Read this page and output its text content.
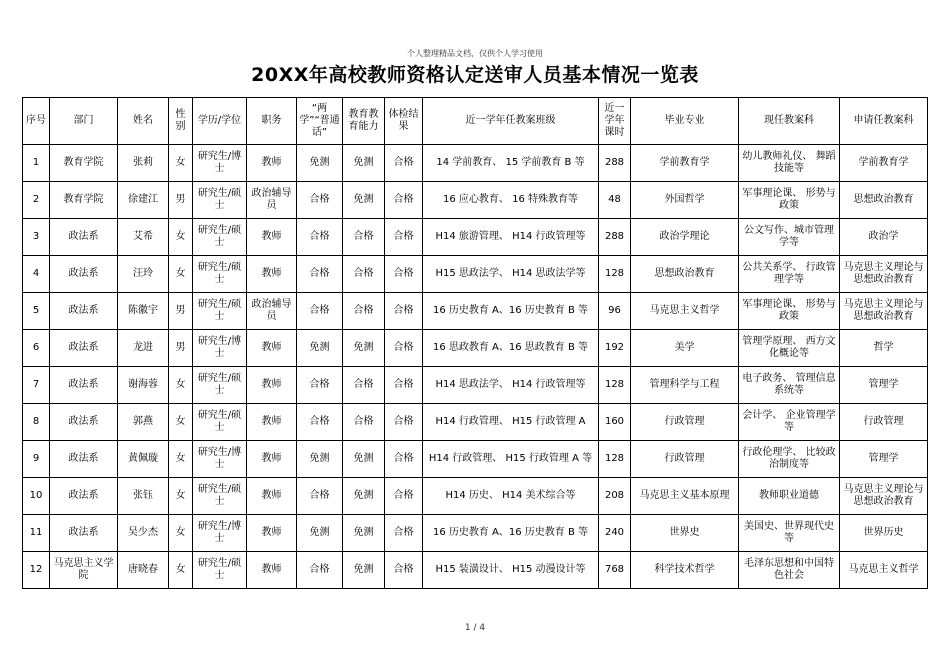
个人整理精品文档，仅供个人学习使用
20XX年高校教师资格认定送审人员基本情况一览表
序号	部门	姓名	性别	学历/学位	职务	“两学”“普通话”	教育教育能力	体检结果	近一学年任教案班级	近一学年课时	毕业专业	现任教案科	申请任教案科
1	教育学院	张莉	女	研究生/博士	教师	免测	免测	合格	14 学前教育、 15 学前教育 B 等	288	学前教育学	幼儿教师礼仪、 舞蹈技能等	学前教育学
2	教育学院	徐建江	男	研究生/硕士	政治辅导员	合格	免测	合格	16 应心教育、 16 特殊教育等	48	外国哲学	军事理论课、 形势与政策	思想政治教育
3	政法系	艾希	女	研究生/硕士	教师	合格	合格	合格	H14 旅游管理、 H14 行政管理等	288	政治学理论	公文写作、城市管理学等	政治学
4	政法系	汪玲	女	研究生/硕士	教师	合格	合格	合格	H15 思政法学、 H14 思政法学等	128	思想政治教育	公共关系学、 行政管理学等	马克思主义理论与思想政治教育
5	政法系	陈徽宇	男	研究生/硕士	政治辅导员	合格	合格	合格	16 历史教育 A、16 历史教育 B 等	96	马克思主义哲学	军事理论课、 形势与政策	马克思主义理论与思想政治教育
6	政法系	龙进	男	研究生/博士	教师	免测	免测	合格	16 思政教育 A、16 思政教育 B 等	192	美学	管理学原理、 西方文化概论等	哲学
7	政法系	谢海蓉	女	研究生/硕士	教师	合格	合格	合格	H14 思政法学、 H14 行政管理等	128	管理科学与工程	电子政务、 管理信息系统等	管理学
8	政法系	郭燕	女	研究生/硕士	教师	合格	合格	合格	H14 行政管理、 H15 行政管理 A	160	行政管理	会计学、 企业管理学等	行政管理
9	政法系	黄佩璇	女	研究生/博士	教师	免测	免测	合格	H14 行政管理、 H15 行政管理 A 等	128	行政管理	行政伦理学、 比较政治制度等	管理学
10	政法系	张钰	女	研究生/硕士	教师	合格	免测	合格	H14 历史、 H14 美术综合等	208	马克思主义基本原理	教师职业道德	马克思主义理论与思想政治教育
11	政法系	吴少杰	女	研究生/博士	教师	免测	免测	合格	16 历史教育 A、16 历史教育 B 等	240	世界史	美国史、世界现代史等	世界历史
12	马克思主义学院	唐晓春	女	研究生/硕士	教师	合格	免测	合格	H15 装潢设计、 H15 动漫设计等	768	科学技术哲学	毛泽东思想和中国特色社会	马克思主义哲学
1 / 4
